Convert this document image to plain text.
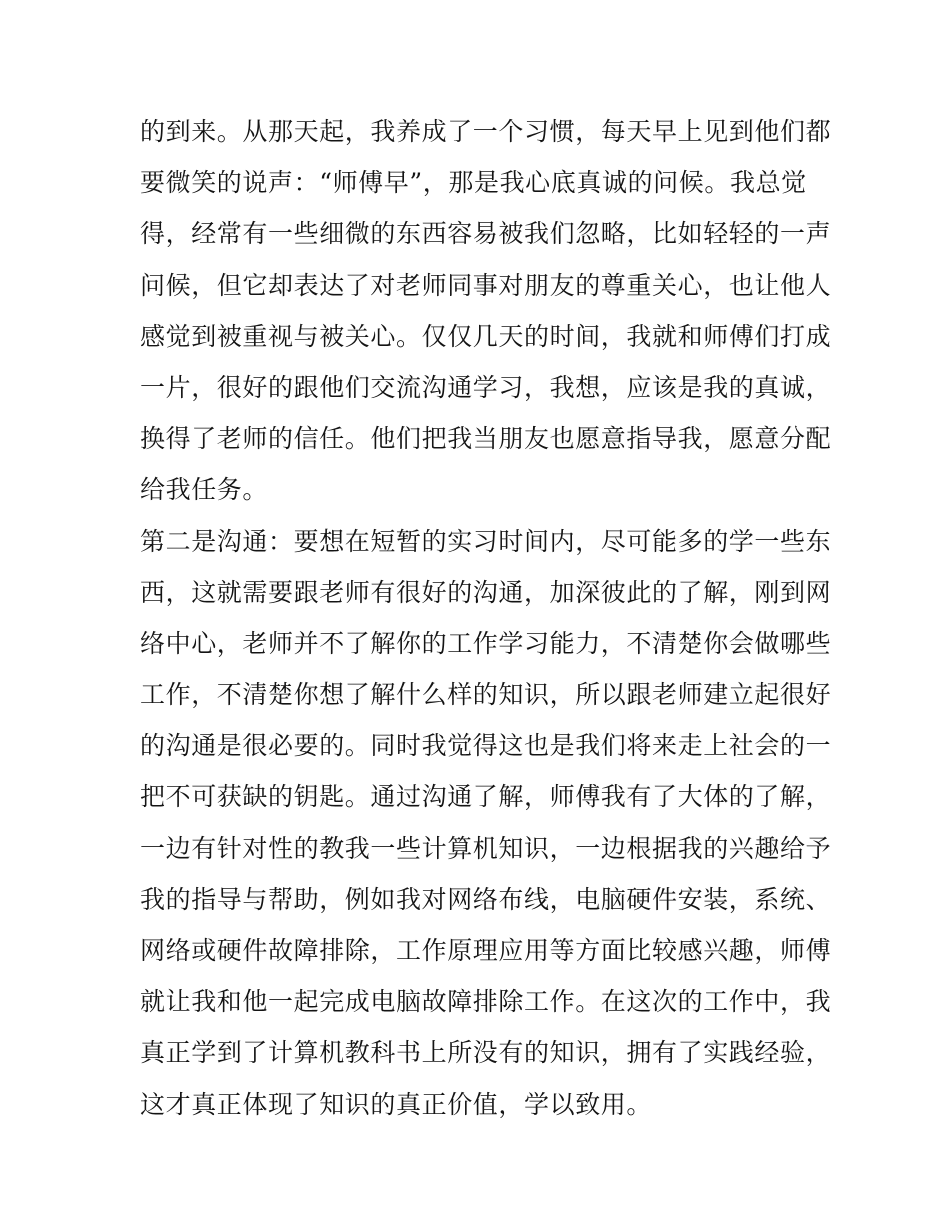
的到来。从那天起，我养成了一个习惯，每天早上见到他们都
要微笑的说声：“师傅早”，那是我心底真诚的问候。我总觉
得，经常有一些细微的东西容易被我们忽略，比如轻轻的一声
问候，但它却表达了对老师同事对朋友的尊重关心，也让他人
感觉到被重视与被关心。仅仅几天的时间，我就和师傅们打成
一片，很好的跟他们交流沟通学习，我想，应该是我的真诚，
换得了老师的信任。他们把我当朋友也愿意指导我，愿意分配
给我任务。
第二是沟通：要想在短暂的实习时间内，尽可能多的学一些东
西，这就需要跟老师有很好的沟通，加深彼此的了解，刚到网
络中心，老师并不了解你的工作学习能力，不清楚你会做哪些
工作，不清楚你想了解什么样的知识，所以跟老师建立起很好
的沟通是很必要的。同时我觉得这也是我们将来走上社会的一
把不可获缺的钥匙。通过沟通了解，师傅我有了大体的了解，
一边有针对性的教我一些计算机知识，一边根据我的兴趣给予
我的指导与帮助，例如我对网络布线，电脑硬件安装，系统、
网络或硬件故障排除，工作原理应用等方面比较感兴趣，师傅
就让我和他一起完成电脑故障排除工作。在这次的工作中，我
真正学到了计算机教科书上所没有的知识，拥有了实践经验，
这才真正体现了知识的真正价值，学以致用。
